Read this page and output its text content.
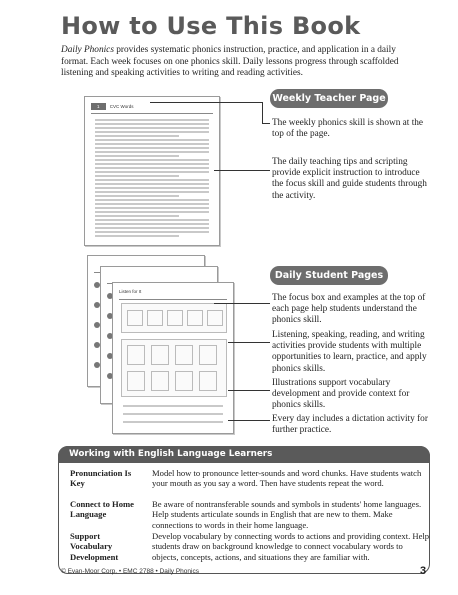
How to Use This Book
Daily Phonics provides systematic phonics instruction, practice, and application in a daily format. Each week focuses on one phonics skill. Daily lessons progress through scaffolded listening and speaking activities to writing and reading activities.
1 CVC Words
Listen for It
Weekly Teacher Page
The weekly phonics skill is shown at the top of the page.
The daily teaching tips and scripting provide explicit instruction to introduce the focus skill and guide students through the activity.
Daily Student Pages
The focus box and examples at the top of each page help students understand the phonics skill.
Listening, speaking, reading, and writing activities provide students with multiple opportunities to learn, practice, and apply phonics skills.
Illustrations support vocabulary development and provide context for phonics skills.
Every day includes a dictation activity for further practice.
Working with English Language Learners
Pronunciation Is Key
Model how to pronounce letter-sounds and word chunks. Have students watch your mouth as you say a word. Then have students repeat the word.
Connect to Home Language
Be aware of nontransferable sounds and symbols in students' home languages. Help students articulate sounds in English that are new to them. Make connections to words in their home language.
Support Vocabulary Development
Develop vocabulary by connecting words to actions and providing context. Help students draw on background knowledge to connect vocabulary words to objects, concepts, actions, and situations they are familiar with.
© Evan-Moor Corp. • EMC 2788 • Daily Phonics	3
